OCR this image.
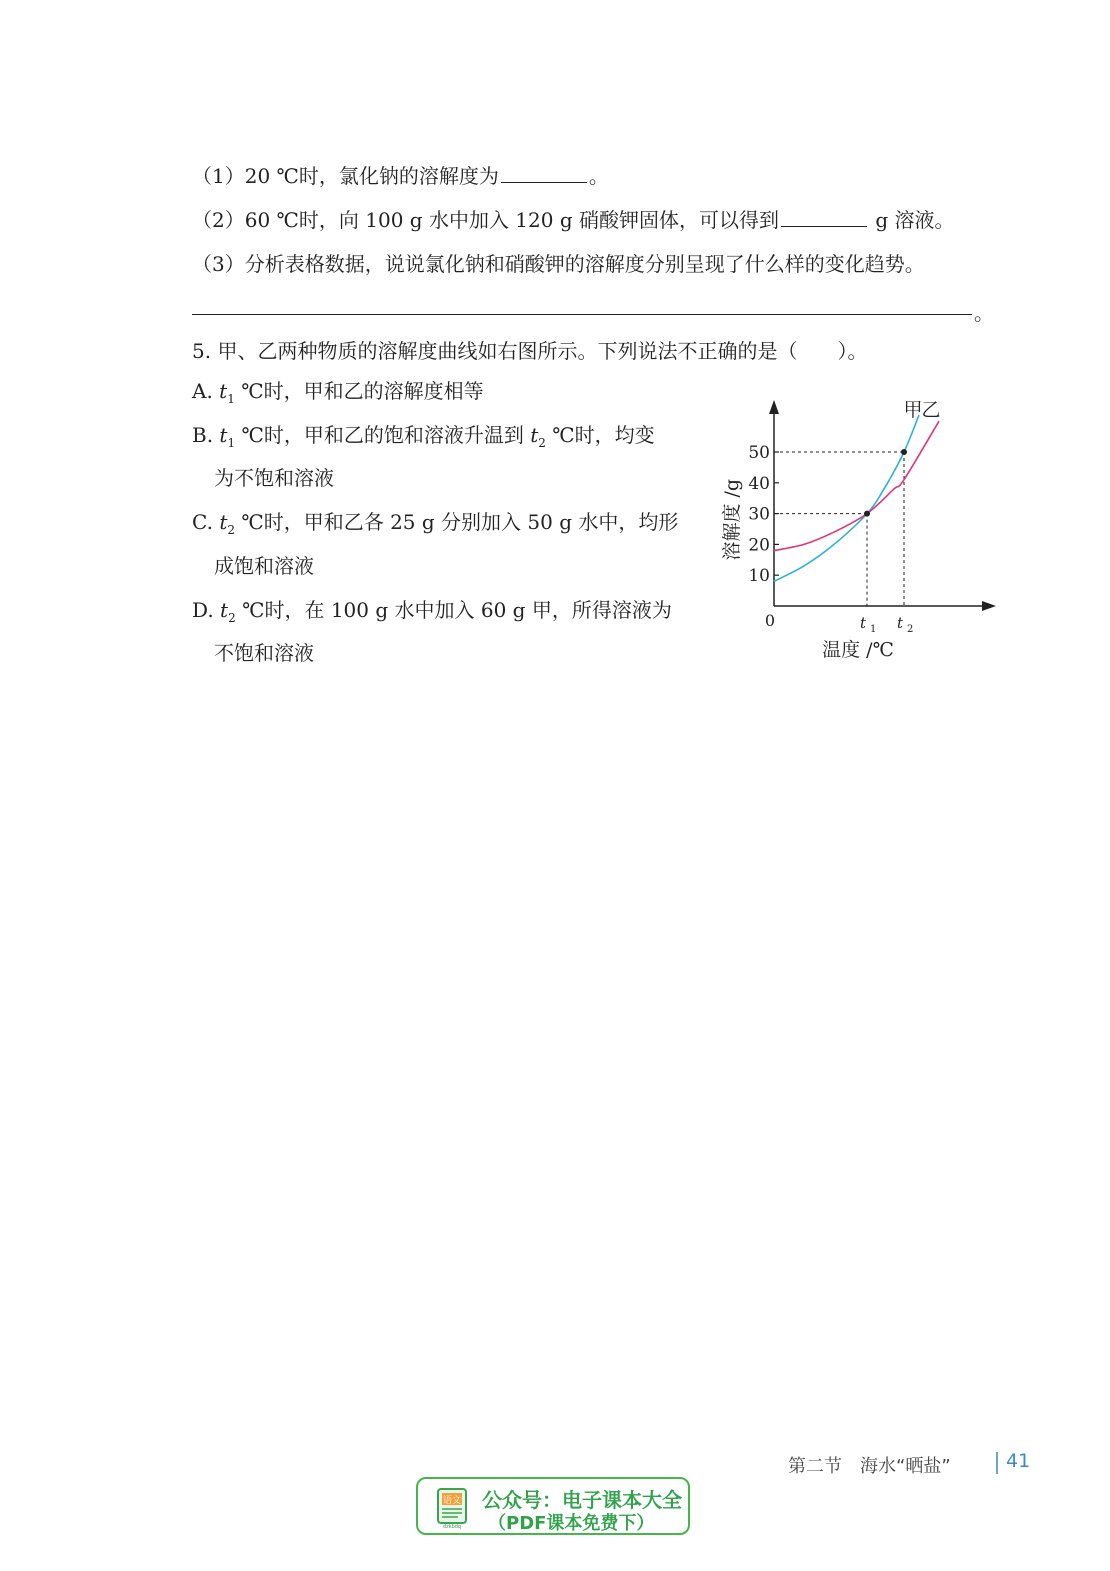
（1）20 ℃时，氯化钠的溶解度为	。
（2）60 ℃时，向 100 g 水中加入 120 g 硝酸钾固体，可以得到	g 溶液。
（3）分析表格数据，说说氯化钠和硝酸钾的溶解度分别呈现了什么样的变化趋势。
。
5. 甲、乙两种物质的溶解度曲线如右图所示。下列说法不正确的是（　　）。
A. $t_1$ ℃时，甲和乙的溶解度相等
B. $t_1$ ℃时，甲和乙的饱和溶液升温到 $t_2$ ℃时，均变
为不饱和溶液
C. $t_2$ ℃时，甲和乙各 25 g 分别加入 50 g 水中，均形
成饱和溶液
D. $t_2$ ℃时，在 100 g 水中加入 60 g 甲，所得溶液为
不饱和溶液
10
20
30
40
50
0	t 1 t 2
甲
乙
溶解度 /g
温度 /℃
第二节　海水“晒盐”	41
语文
dzkbdq
公众号：电子课本大全
（PDF课本免费下）
